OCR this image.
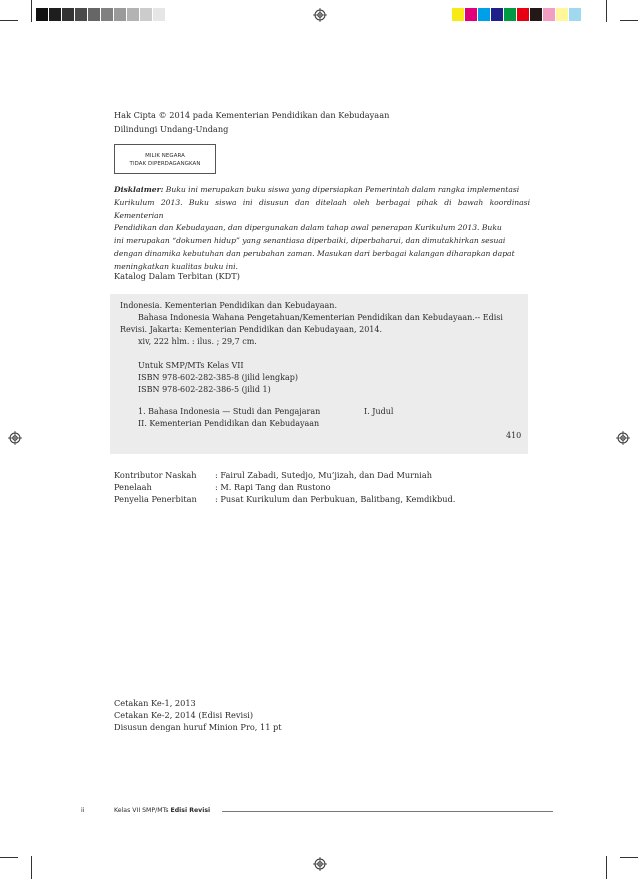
Hak Cipta © 2014 pada Kementerian Pendidikan dan Kebudayaan
Dilindungi Undang-Undang
MILIK NEGARA
TIDAK DIPERDAGANGKAN
Disklaimer: Buku ini merupakan buku siswa yang dipersiapkan Pemerintah dalam rangka implementasi
Kurikulum 2013. Buku siswa ini disusun dan ditelaah oleh berbagai pihak di bawah koordinasi Kementerian
Pendidikan dan Kebudayaan, dan dipergunakan dalam tahap awal penerapan Kurikulum 2013. Buku
ini merupakan “dokumen hidup” yang senantiasa diperbaiki, diperbaharui, dan dimutakhirkan sesuai
dengan dinamika kebutuhan dan perubahan zaman. Masukan dari berbagai kalangan diharapkan dapat
meningkatkan kualitas buku ini.
Katalog Dalam Terbitan (KDT)
Indonesia. Kementerian Pendidikan dan Kebudayaan.
Bahasa Indonesia Wahana Pengetahuan/Kementerian Pendidikan dan Kebudayaan.-- Edisi
Revisi. Jakarta: Kementerian Pendidikan dan Kebudayaan, 2014.
xiv, 222 hlm. : ilus. ; 29,7 cm.
Untuk SMP/MTs Kelas VII
ISBN 978-602-282-385-8 (jilid lengkap)
ISBN 978-602-282-386-5 (jilid 1)
1. Bahasa Indonesia — Studi dan Pengajaran	I. Judul
II. Kementerian Pendidikan dan Kebudayaan
410
Kontributor Naskah : Fairul Zabadi, Sutedjo, Mu’jizah, dan Dad Murniah
Penelaah	: M. Rapi Tang dan Rustono
Penyelia Penerbitan : Pusat Kurikulum dan Perbukuan, Balitbang, Kemdikbud.
Cetakan Ke-1, 2013
Cetakan Ke-2, 2014 (Edisi Revisi)
Disusun dengan huruf Minion Pro, 11 pt
ii	Kelas VII SMP/MTs Edisi Revisi
